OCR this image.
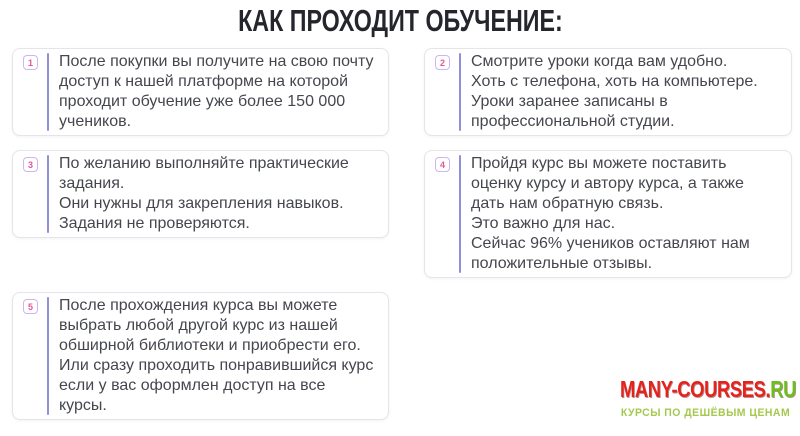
КАК ПРОХОДИТ ОБУЧЕНИЕ:
1	После покупки вы получите на свою почту доступ к нашей платформе на которой проходит обучение уже более 150 000 учеников.
2	Смотрите уроки когда вам удобно.
Хоть с телефона, хоть на компьютере.
Уроки заранее записаны в профессиональной студии.
3	По желанию выполняйте практические задания.
Они нужны для закрепления навыков.
Задания не проверяются.
4	Пройдя курс вы можете поставить оценку курсу и автору курса, а также дать нам обратную связь.
Это важно для нас.
Сейчас 96% учеников оставляют нам положительные отзывы.
5	После прохождения курса вы можете выбрать любой другой курс из нашей обширной библиотеки и приобрести его.
Или сразу проходить понравившийся курс если у вас оформлен доступ на все курсы.
MANY-COURSES.RU
КУРСЫ ПО ДЕШЁВЫМ ЦЕНАМ
